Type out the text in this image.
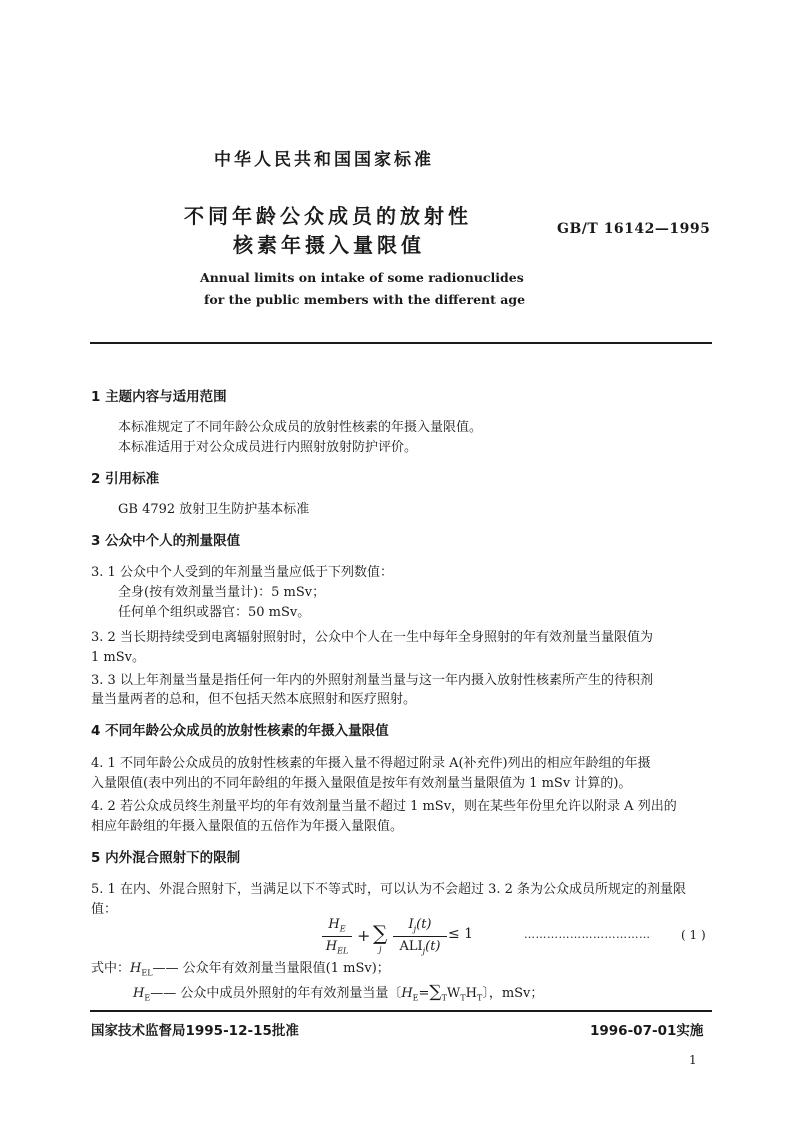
中华人民共和国国家标准
不同年龄公众成员的放射性
核素年摄入量限值
GB/T 16142—1995
Annual limits on intake of some radionuclides
for the public members with the different age
1 主题内容与适用范围
本标准规定了不同年龄公众成员的放射性核素的年摄入量限值。
本标准适用于对公众成员进行内照射放射防护评价。
2 引用标准
GB 4792 放射卫生防护基本标准
3 公众中个人的剂量限值
3. 1 公众中个人受到的年剂量当量应低于下列数值：
全身(按有效剂量当量计)：5 mSv；
任何单个组织或器官：50 mSv。
3. 2 当长期持续受到电离辐射照射时，公众中个人在一生中每年全身照射的年有效剂量当量限值为
1 mSv。
3. 3 以上年剂量当量是指任何一年内的外照射剂量当量与这一年内摄入放射性核素所产生的待积剂
量当量两者的总和，但不包括天然本底照射和医疗照射。
4 不同年龄公众成员的放射性核素的年摄入量限值
4. 1 不同年龄公众成员的放射性核素的年摄入量不得超过附录 A(补充件)列出的相应年龄组的年摄
入量限值(表中列出的不同年龄组的年摄入量限值是按年有效剂量当量限值为 1 mSv 计算的)。
4. 2 若公众成员终生剂量平均的年有效剂量当量不超过 1 mSv，则在某些年份里允许以附录 A 列出的
相应年龄组的年摄入量限值的五倍作为年摄入量限值。
5 内外混合照射下的限制
5. 1 在内、外混合照射下，当满足以下不等式时，可以认为不会超过 3. 2 条为公众成员所规定的剂量限
值：
$H_E$
$H_{EL}$
+ ∑
j
$I_j(t)$
$ALI_j(t)$
≤ 1	……………………………	( 1 )
式中：$H_{EL}——$ 公众年有效剂量当量限值(1 mSv)；
$H_E——$ 公众中成员外照射的年有效剂量当量〔$H_E=\sum_TW_TH_T$〕，mSv；
国家技术监督局1995-12-15批准	1996-07-01实施
1
